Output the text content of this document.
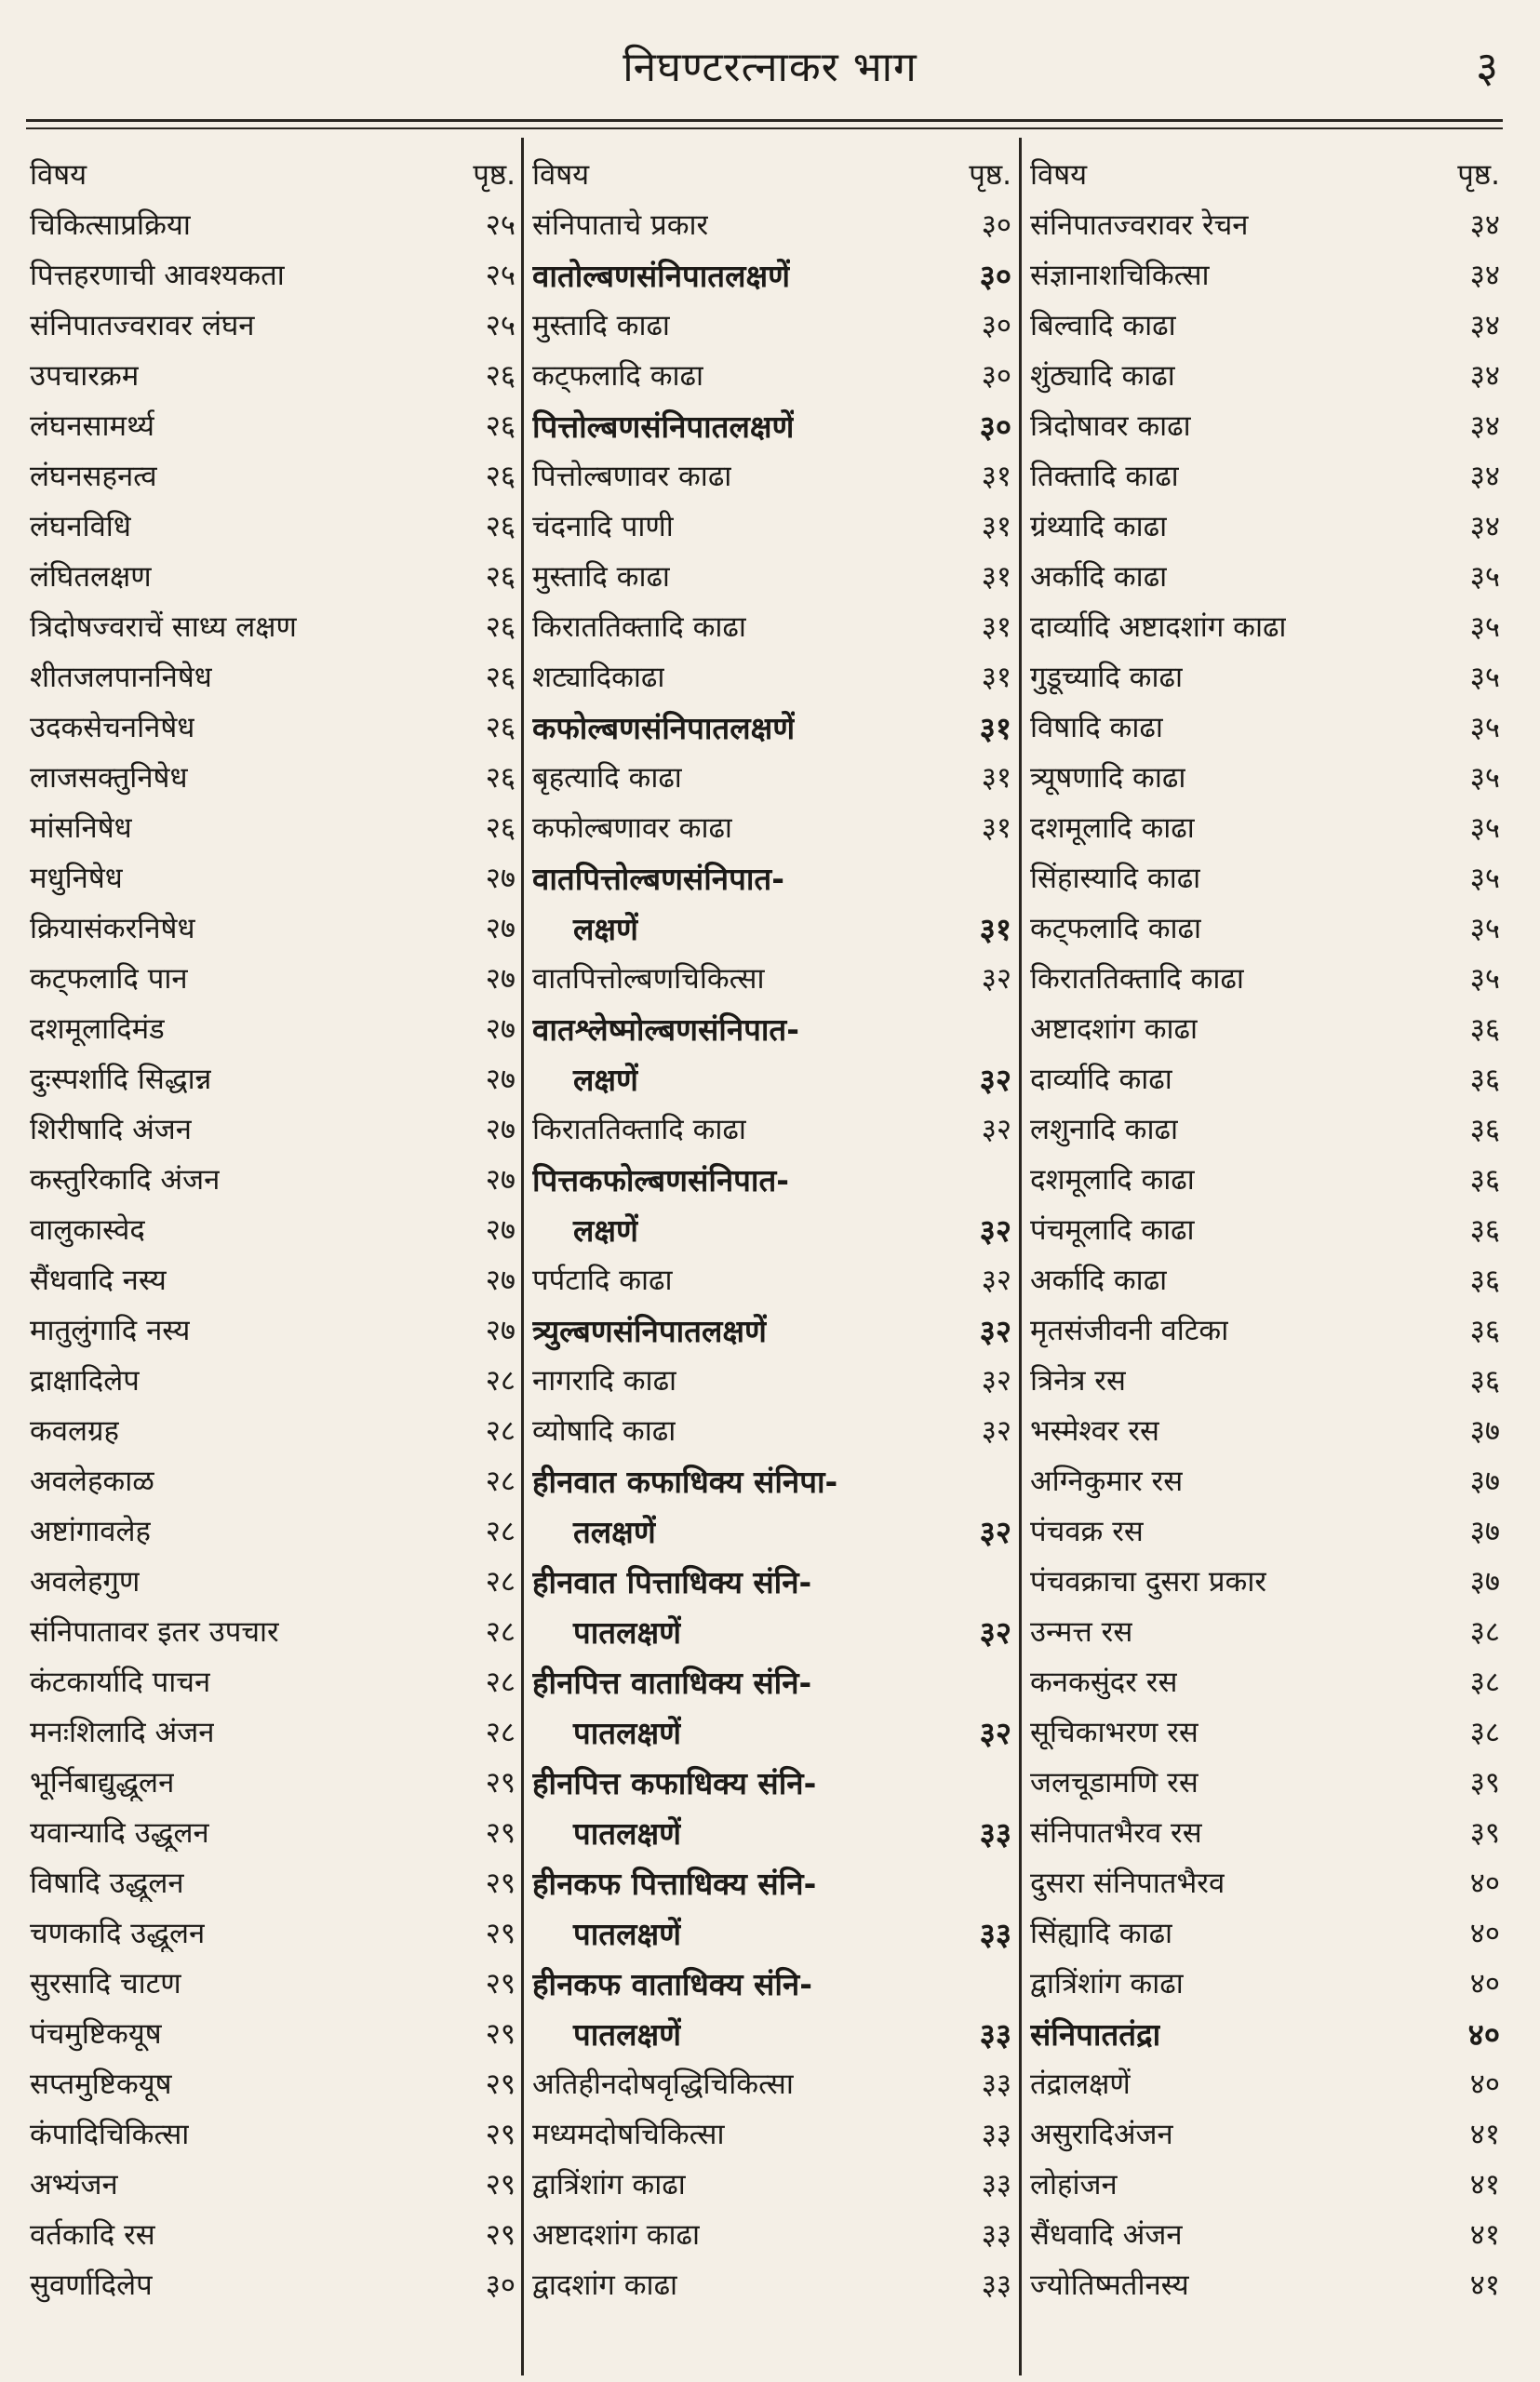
निघण्टरत्नाकर भाग	३
विषय	पृष्ठ.
चिकित्साप्रक्रिया	२५
पित्तहरणाची आवश्यकता	२५
संनिपातज्वरावर लंघन	२५
उपचारक्रम	२६
लंघनसामर्थ्य	२६
लंघनसहनत्व	२६
लंघनविधि	२६
लंघितलक्षण	२६
त्रिदोषज्वराचें साध्य लक्षण	२६
शीतजलपाननिषेध	२६
उदकसेचननिषेध	२६
लाजसक्तुनिषेध	२६
मांसनिषेध	२६
मधुनिषेध	२७
क्रियासंकरनिषेध	२७
कट्फलादि पान	२७
दशमूलादिमंड	२७
दुःस्पर्शादि सिद्धान्न	२७
शिरीषादि अंजन	२७
कस्तुरिकादि अंजन	२७
वालुकास्वेद	२७
सैंधवादि नस्य	२७
मातुलुंगादि नस्य	२७
द्राक्षादिलेप	२८
कवलग्रह	२८
अवलेहकाळ	२८
अष्टांगावलेह	२८
अवलेहगुण	२८
संनिपातावर इतर उपचार	२८
कंटकार्यादि पाचन	२८
मनःशिलादि अंजन	२८
भूर्निबाद्युद्धूलन	२९
यवान्यादि उद्धूलन	२९
विषादि उद्धूलन	२९
चणकादि उद्धूलन	२९
सुरसादि चाटण	२९
पंचमुष्टिकयूष	२९
सप्तमुष्टिकयूष	२९
कंपादिचिकित्सा	२९
अभ्यंजन	२९
वर्तकादि रस	२९
सुवर्णादिलेप	३०
विषय	पृष्ठ.
संनिपाताचे प्रकार	३०
वातोल्बणसंनिपातलक्षणें	३०
मुस्तादि काढा	३०
कट्फलादि काढा	३०
पित्तोल्बणसंनिपातलक्षणें	३०
पित्तोल्बणावर काढा	३१
चंदनादि पाणी	३१
मुस्तादि काढा	३१
किराततिक्तादि काढा	३१
शट्यादिकाढा	३१
कफोल्बणसंनिपातलक्षणें	३१
बृहत्यादि काढा	३१
कफोल्बणावर काढा	३१
वातपित्तोल्बणसंनिपात-
लक्षणें	३१
वातपित्तोल्बणचिकित्सा	३२
वातश्लेष्मोल्बणसंनिपात-
लक्षणें	३२
किराततिक्तादि काढा	३२
पित्तकफोल्बणसंनिपात-
लक्षणें	३२
पर्पटादि काढा	३२
त्र्युल्बणसंनिपातलक्षणें	३२
नागरादि काढा	३२
व्योषादि काढा	३२
हीनवात कफाधिक्य संनिपा-
तलक्षणें	३२
हीनवात पित्ताधिक्य संनि-
पातलक्षणें	३२
हीनपित्त वाताधिक्य संनि-
पातलक्षणें	३२
हीनपित्त कफाधिक्य संनि-
पातलक्षणें	३३
हीनकफ पित्ताधिक्य संनि-
पातलक्षणें	३३
हीनकफ वाताधिक्य संनि-
पातलक्षणें	३३
अतिहीनदोषवृद्धिचिकित्सा	३३
मध्यमदोषचिकित्सा	३३
द्वात्रिंशांग काढा	३३
अष्टादशांग काढा	३३
द्वादशांग काढा	३३
विषय	पृष्ठ.
संनिपातज्वरावर रेचन	३४
संज्ञानाशचिकित्सा	३४
बिल्वादि काढा	३४
शुंठ्यादि काढा	३४
त्रिदोषावर काढा	३४
तिक्तादि काढा	३४
ग्रंथ्यादि काढा	३४
अर्कादि काढा	३५
दार्व्यादि अष्टादशांग काढा	३५
गुडूच्यादि काढा	३५
विषादि काढा	३५
त्र्यूषणादि काढा	३५
दशमूलादि काढा	३५
सिंहास्यादि काढा	३५
कट्फलादि काढा	३५
किराततिक्तादि काढा	३५
अष्टादशांग काढा	३६
दार्व्यादि काढा	३६
लशुनादि काढा	३६
दशमूलादि काढा	३६
पंचमूलादि काढा	३६
अर्कादि काढा	३६
मृतसंजीवनी वटिका	३६
त्रिनेत्र रस	३६
भस्मेश्वर रस	३७
अग्निकुमार रस	३७
पंचवक्र रस	३७
पंचवक्राचा दुसरा प्रकार	३७
उन्मत्त रस	३८
कनकसुंदर रस	३८
सूचिकाभरण रस	३८
जलचूडामणि रस	३९
संनिपातभैरव रस	३९
दुसरा संनिपातभैरव	४०
सिंह्यादि काढा	४०
द्वात्रिंशांग काढा	४०
संनिपाततंद्रा	४०
तंद्रालक्षणें	४०
असुरादिअंजन	४१
लोहांजन	४१
सैंधवादि अंजन	४१
ज्योतिष्मतीनस्य	४१
